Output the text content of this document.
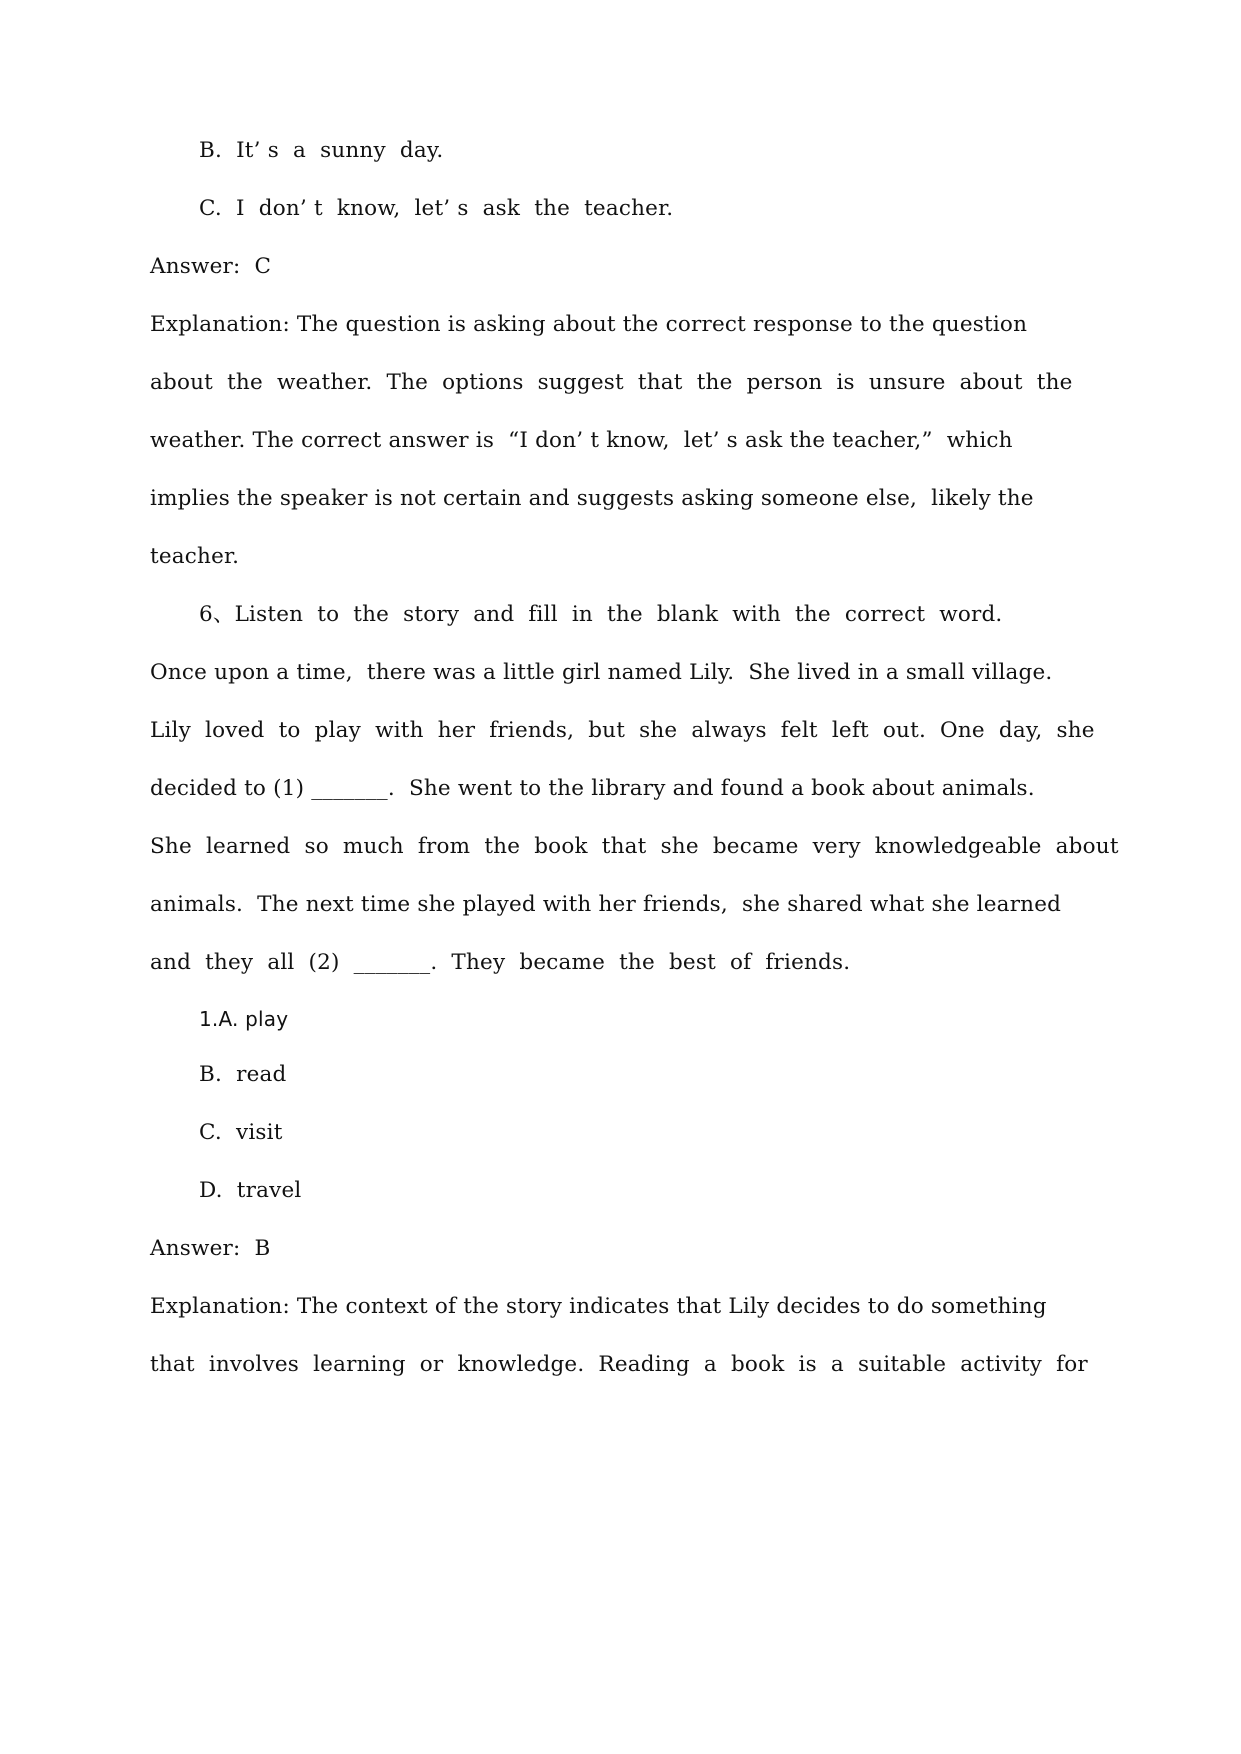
B.  It’ s  a  sunny  day.
C.  I  don’ t  know,  let’ s  ask  the  teacher.
Answer:  C
Explanation: The question is asking about the correct response to the question
about  the  weather.  The  options  suggest  that  the  person  is  unsure  about  the
weather. The correct answer is  “I don’ t know,  let’ s ask the teacher,”  which
implies the speaker is not certain and suggests asking someone else,  likely the
teacher.
6、Listen  to  the  story  and  fill  in  the  blank  with  the  correct  word.
Once upon a time,  there was a little girl named Lily.  She lived in a small village.
Lily  loved  to  play  with  her  friends,  but  she  always  felt  left  out.  One  day,  she
decided to (1) _______.  She went to the library and found a book about animals.
She  learned  so  much  from  the  book  that  she  became  very  knowledgeable  about
animals.  The next time she played with her friends,  she shared what she learned
and  they  all  (2)  _______.  They  became  the  best  of  friends.
1.A. play
B.  read
C.  visit
D.  travel
Answer:  B
Explanation: The context of the story indicates that Lily decides to do something
that  involves  learning  or  knowledge.  Reading  a  book  is  a  suitable  activity  for
